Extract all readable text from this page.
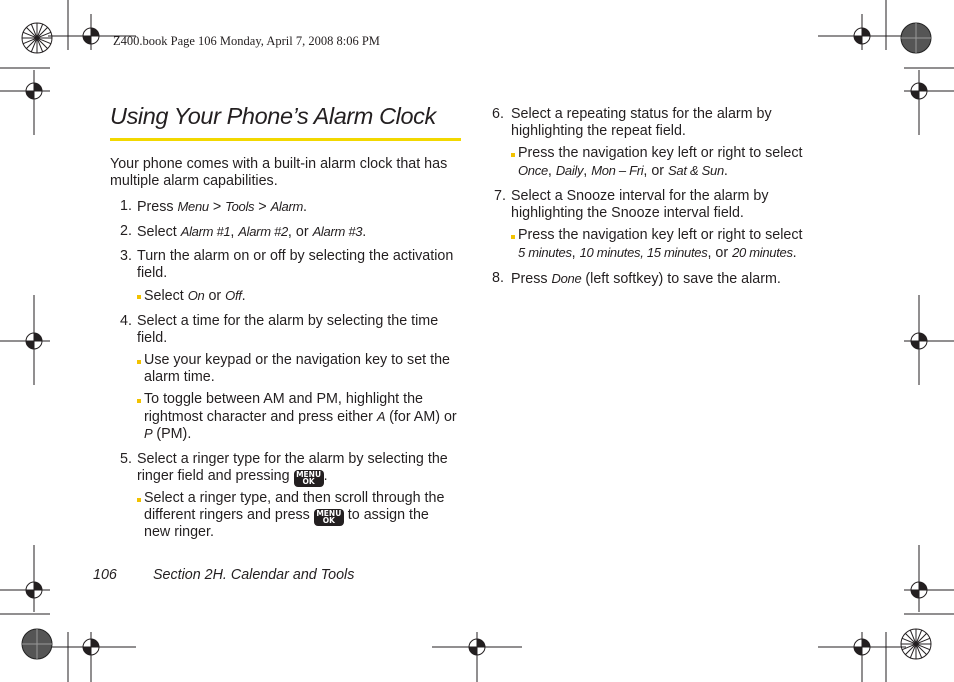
Z400.book Page 106 Monday, April 7, 2008 8:06 PM
Using Your Phone’s Alarm Clock
Your phone comes with a built-in alarm clock that has multiple alarm capabilities.
1. Press Menu > Tools > Alarm.
2. Select Alarm #1, Alarm #2, or Alarm #3.
3. Turn the alarm on or off by selecting the activation
field.
Select On or Off.
4. Select a time for the alarm by selecting the time
field.
Use your keypad or the navigation key to set the
alarm time.
To toggle between AM and PM, highlight the
rightmost character and press either A (for AM) or
P (PM).
5. Select a ringer type for the alarm by selecting the
ringer field and pressing MENU
OK .
Select a ringer type, and then scroll through the
different ringers and press MENU
OK to assign the
new ringer.
6. Select a repeating status for the alarm by
highlighting the repeat field.
Press the navigation key left or right to select
Once, Daily, Mon – Fri, or Sat & Sun.
7. Select a Snooze interval for the alarm by
highlighting the Snooze interval field.
Press the navigation key left or right to select
5 minutes, 10 minutes, 15 minutes, or 20 minutes.
8. Press Done (left softkey) to save the alarm.
106	Section 2H. Calendar and Tools
